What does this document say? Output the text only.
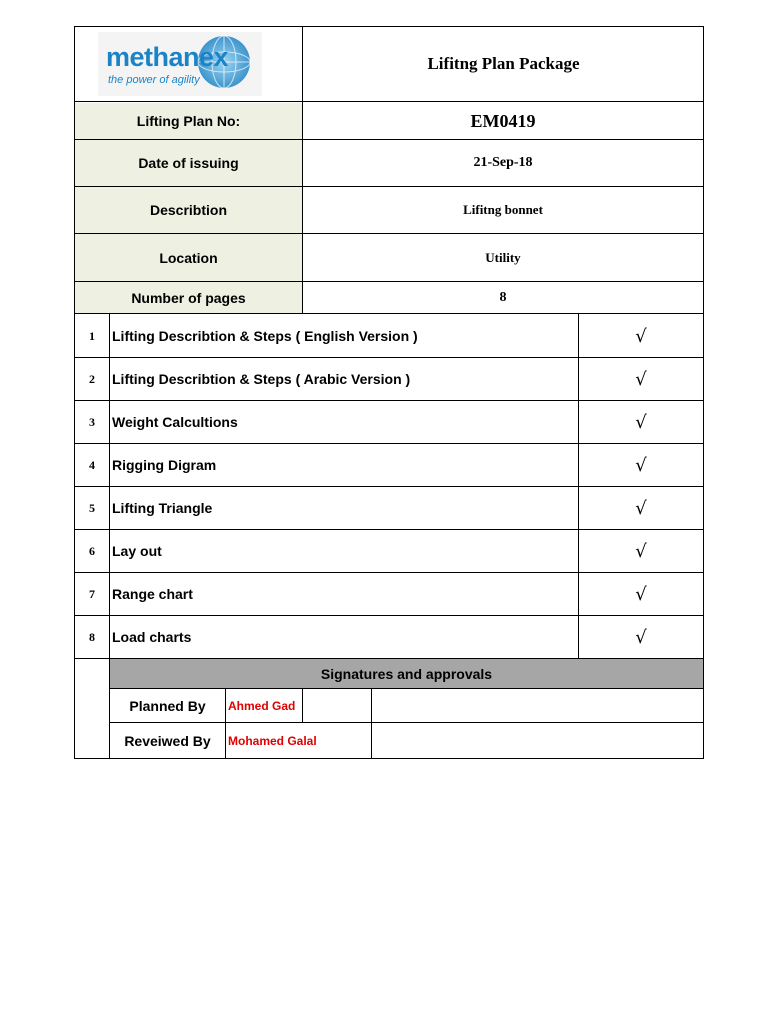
methanex
the power of agility
Lifitng Plan Package
Lifting Plan No:	EM0419
Date of issuing	21-Sep-18
Describtion	Lifitng bonnet
Location	Utility
Number of pages	8
1	Lifting Describtion & Steps ( English Version )	√
2	Lifting Describtion & Steps ( Arabic Version )	√
3	Weight Calcultions	√
4	Rigging Digram	√
5	Lifting Triangle	√
6	Lay out	√
7	Range chart	√
8	Load charts	√
Signatures and approvals
Planned By	Ahmed Gad
Reveiwed By	Mohamed Galal
